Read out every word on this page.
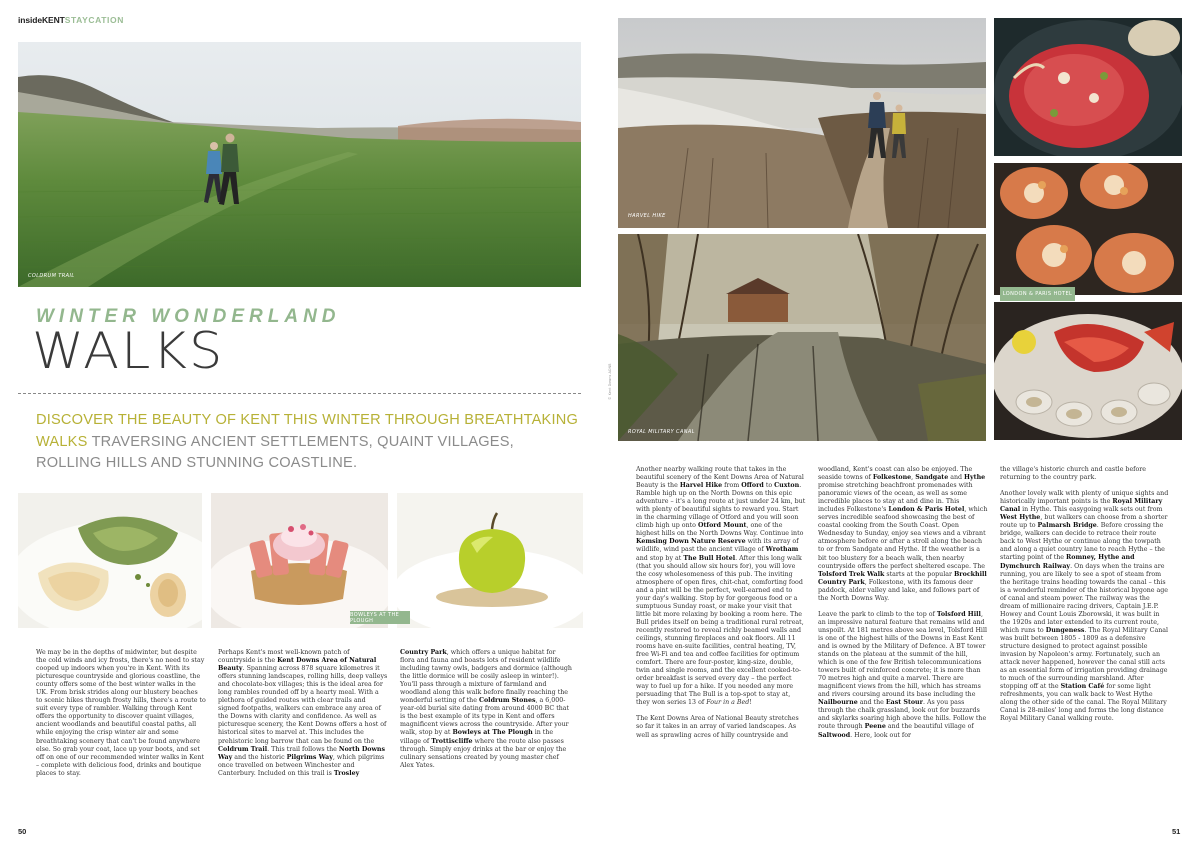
insideKENTSTAYCATION
COLDRUM TRAIL
WINTER WONDERLAND
WALKS
DISCOVER THE BEAUTY OF KENT THIS WINTER THROUGH BREATHTAKING WALKS TRAVERSING ANCIENT SETTLEMENTS, QUAINT VILLAGES, ROLLING HILLS AND STUNNING COASTLINE.
BOWLEYS AT THE PLOUGH

We may be in the depths of midwinter, but despite the cold winds and icy frosts, there's no need to stay cooped up indoors when you're in Kent. With its picturesque countryside and glorious coastline, the county offers some of the best winter walks in the UK. From brisk strides along our blustery beaches to scenic hikes through frosty hills, there's a route to suit every type of rambler. Walking through Kent offers the opportunity to discover quaint villages, ancient woodlands and beautiful coastal paths, all while enjoying the crisp winter air and some breathtaking scenery that can't be found anywhere else. So grab your coat, lace up your boots, and set off on one of our recommended winter walks in Kent – complete with delicious food, drinks and boutique places to stay.

Perhaps Kent's most well-known patch of countryside is the Kent Downs Area of Natural Beauty. Spanning across 878 square kilometres it offers stunning landscapes, rolling hills, deep valleys and chocolate-box villages; this is the ideal area for long rambles rounded off by a hearty meal. With a plethora of guided routes with clear trails and signed footpaths, walkers can embrace any area of the Downs with clarity and confidence. As well as picturesque scenery, the Kent Downs offers a host of historical sites to marvel at. This includes the prehistoric long barrow that can be found on the Coldrum Trail. This trail follows the North Downs Way and the historic Pilgrims Way, which pilgrims once travelled on between Winchester and Canterbury. Included on this trail is Trosley

Country Park, which offers a unique habitat for flora and fauna and boasts lots of resident wildlife including tawny owls, badgers and dormice (although the little dormice will be cosily asleep in winter!). You'll pass through a mixture of farmland and woodland along this walk before finally reaching the wonderful setting of the Coldrum Stones, a 6,000-year-old burial site dating from around 4000 BC that is the best example of its type in Kent and offers magnificent views across the countryside. After your walk, stop by at Bowleys at The Plough in the village of Trottiscliffe where the route also passes through. Simply enjoy drinks at the bar or enjoy the culinary sensations created by young master chef Alex Yates.

50
HARVEL HIKE
ROYAL MILITARY CANAL
© Kent Downs AONB
LONDON & PARIS HOTEL

Another nearby walking route that takes in the beautiful scenery of the Kent Downs Area of Natural Beauty is the Harvel Hike from Offord to Cuxton. Ramble high up on the North Downs on this epic adventure – it's a long route at just under 24 km, but with plenty of beautiful sights to reward you. Start in the charming village of Otford and you will soon climb high up onto Otford Mount, one of the highest hills on the North Downs Way. Continue into Kemsing Down Nature Reserve with its array of wildlife, wind past the ancient village of Wrotham and stop by at The Bull Hotel. After this long walk (that you should allow six hours for), you will love the cosy wholesomeness of this pub. The inviting atmosphere of open fires, chit-chat, comforting food and a pint will be the perfect, well-earned end to your day's walking. Stop by for gorgeous food or a sumptuous Sunday roast, or make your visit that little bit more relaxing by booking a room here. The Bull prides itself on being a traditional rural retreat, recently restored to reveal richly beamed walls and ceilings, stunning fireplaces and oak floors. All 11 rooms have en-suite facilities, central heating, TV, free Wi-Fi and tea and coffee facilities for optimum comfort. There are four-poster, king-size, double, twin and single rooms, and the excellent cooked-to-order breakfast is served every day – the perfect way to fuel up for a hike. If you needed any more persuading that The Bull is a top-spot to stay at, they won series 13 of Four in a Bed!

The Kent Downs Area of National Beauty stretches so far it takes in an array of varied landscapes. As well as sprawling acres of hilly countryside and

woodland, Kent's coast can also be enjoyed. The seaside towns of Folkestone, Sandgate and Hythe promise stretching beachfront promenades with panoramic views of the ocean, as well as some incredible places to stay at and dine in. This includes Folkestone's London & Paris Hotel, which serves incredible seafood showcasing the best of coastal cooking from the South Coast. Open Wednesday to Sunday, enjoy sea views and a vibrant atmosphere before or after a stroll along the beach to or from Sandgate and Hythe. If the weather is a bit too blustery for a beach walk, then nearby countryside offers the perfect sheltered escape. The Tolsford Trek Walk starts at the popular Brockhill Country Park, Folkestone, with its famous deer paddock, alder valley and lake, and follows part of the North Downs Way.

Leave the park to climb to the top of Tolsford Hill, an impressive natural feature that remains wild and unspoilt. At 181 metres above sea level, Tolsford Hill is one of the highest hills of the Downs in East Kent and is owned by the Military of Defence. A BT tower stands on the plateau at the summit of the hill, which is one of the few British telecommunications towers built of reinforced concrete; it is more than 70 metres high and quite a marvel. There are magnificent views from the hill, which has streams and rivers coursing around its base including the Nailbourne and the East Stour. As you pass through the chalk grassland, look out for buzzards and skylarks soaring high above the hills. Follow the route through Peene and the beautiful village of Saltwood. Here, look out for

the village's historic church and castle before returning to the country park.

Another lovely walk with plenty of unique sights and historically important points is the Royal Military Canal in Hythe. This easygoing walk sets out from West Hythe, but walkers can choose from a shorter route up to Palmarsh Bridge. Before crossing the bridge, walkers can decide to retrace their route back to West Hythe or continue along the towpath and along a quiet country lane to reach Hythe – the starting point of the Romney, Hythe and Dymchurch Railway. On days when the trains are running, you are likely to see a spot of steam from the heritage trains heading towards the canal – this is a wonderful reminder of the historical bygone age of canal and steam power. The railway was the dream of millionaire racing drivers, Captain J.E.P. Howey and Count Louis Zborowski, it was built in the 1920s and later extended to its current route, which runs to Dungeness. The Royal Military Canal was built between 1805 - 1809 as a defensive structure designed to protect against possible invasion by Napoleon's army. Fortunately, such an attack never happened, however the canal still acts as an essential form of irrigation providing drainage to much of the surrounding marshland. After stopping off at the Station Café for some light refreshments, you can walk back to West Hythe along the other side of the canal. The Royal Military Canal is 28-miles' long and forms the long distance Royal Military Canal walking route.

51
